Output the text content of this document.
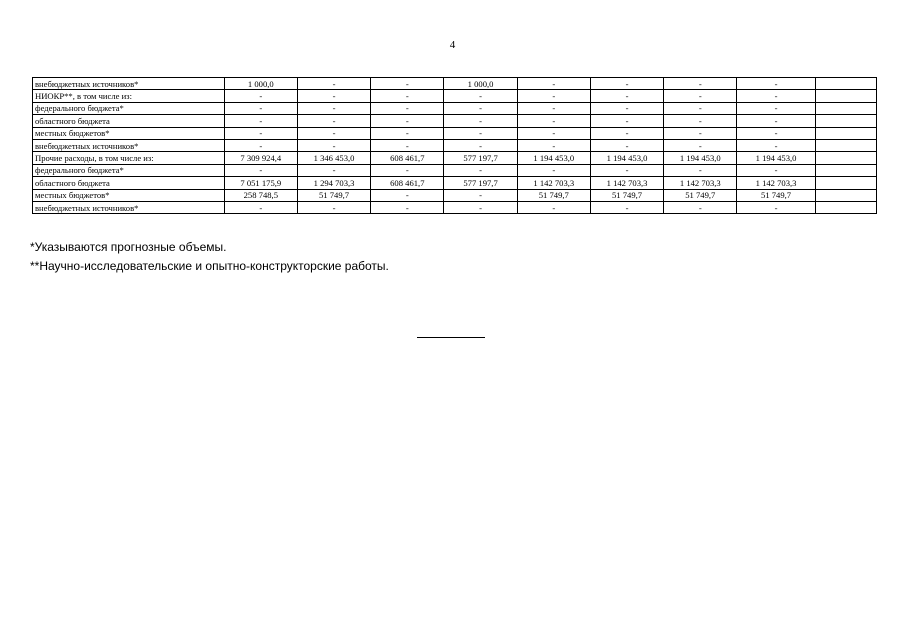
4
внебюджетных источников*	1 000,0	-	-	1 000,0	-	-	-	-	
НИОКР**, в том числе из:	-	-	-	-	-	-	-	-	
федерального бюджета*	-	-	-	-	-	-	-	-	
областного бюджета	-	-	-	-	-	-	-	-	
местных бюджетов*	-	-	-	-	-	-	-	-	
внебюджетных источников*	-	-	-	-	-	-	-	-	
Прочие расходы, в том числе из:	7 309 924,4	1 346 453,0	608 461,7	577 197,7	1 194 453,0	1 194 453,0	1 194 453,0	1 194 453,0	
федерального бюджета*	-	-	-	-	-	-	-	-	
областного бюджета	7 051 175,9	1 294 703,3	608 461,7	577 197,7	1 142 703,3	1 142 703,3	1 142 703,3	1 142 703,3	
местных бюджетов*	258 748,5	51 749,7	-	-	51 749,7	51 749,7	51 749,7	51 749,7	
внебюджетных источников*	-	-	-	-	-	-	-	-	
*Указываются прогнозные объемы.
**Научно-исследовательские и опытно-конструкторские работы.
